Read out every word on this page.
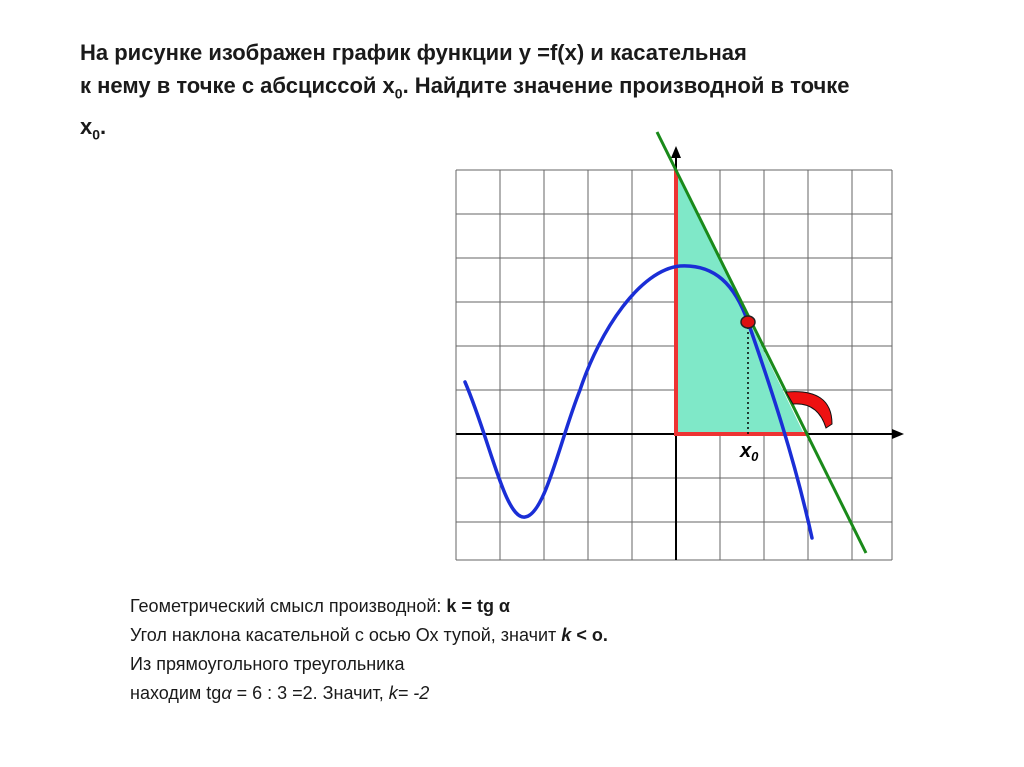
На рисунке изображен график функции y =f(x) и касательная
к нему в точке с абсциссой $х_0$. Найдите значение производной в точке
$х_0$.
$x_0$
Геометрический смысл производной: k = tg α
Угол наклона касательной с осью Ох тупой, значит k < о.
Из прямоугольного треугольника
находим tgα = 6 : 3 =2. Значит, k= -2
